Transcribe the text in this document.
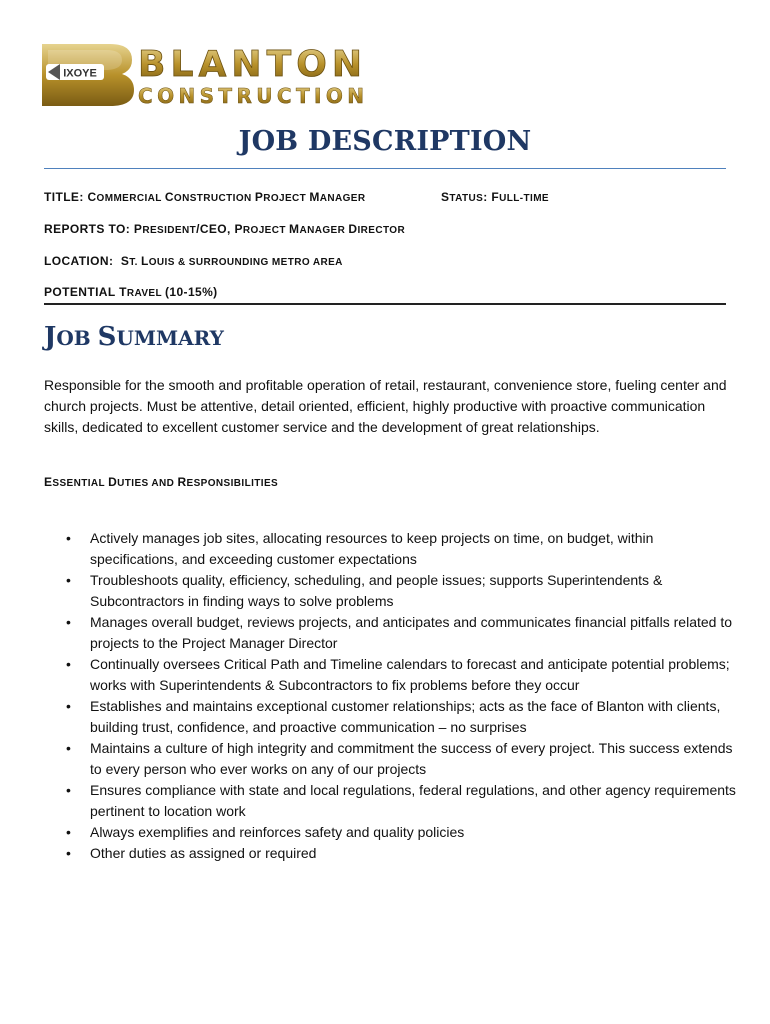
IXOYE BLANTON
CONSTRUCTION
JOB DESCRIPTION
TITLE: COMMERCIAL CONSTRUCTION PROJECT MANAGER	STATUS: FULL-TIME
REPORTS TO: PRESIDENT/CEO, PROJECT MANAGER DIRECTOR
LOCATION: ST. LOUIS & SURROUNDING METRO AREA
POTENTIAL TRAVEL (10-15%)
JOB SUMMARY

Responsible for the smooth and profitable operation of retail, restaurant, convenience store, fueling center and church projects. Must be attentive, detail oriented, efficient, highly productive with proactive communication skills, dedicated to excellent customer service and the development of great relationships.

ESSENTIAL DUTIES AND RESPONSIBILITIES
• Actively manages job sites, allocating resources to keep projects on time, on budget, within specifications, and exceeding customer expectations
• Troubleshoots quality, efficiency, scheduling, and people issues; supports Superintendents & Subcontractors in finding ways to solve problems
• Manages overall budget, reviews projects, and anticipates and communicates financial pitfalls related to projects to the Project Manager Director
• Continually oversees Critical Path and Timeline calendars to forecast and anticipate potential problems; works with Superintendents & Subcontractors to fix problems before they occur
• Establishes and maintains exceptional customer relationships; acts as the face of Blanton with clients, building trust, confidence, and proactive communication – no surprises
• Maintains a culture of high integrity and commitment the success of every project. This success extends to every person who ever works on any of our projects
• Ensures compliance with state and local regulations, federal regulations, and other agency requirements pertinent to location work
• Always exemplifies and reinforces safety and quality policies
• Other duties as assigned or required
